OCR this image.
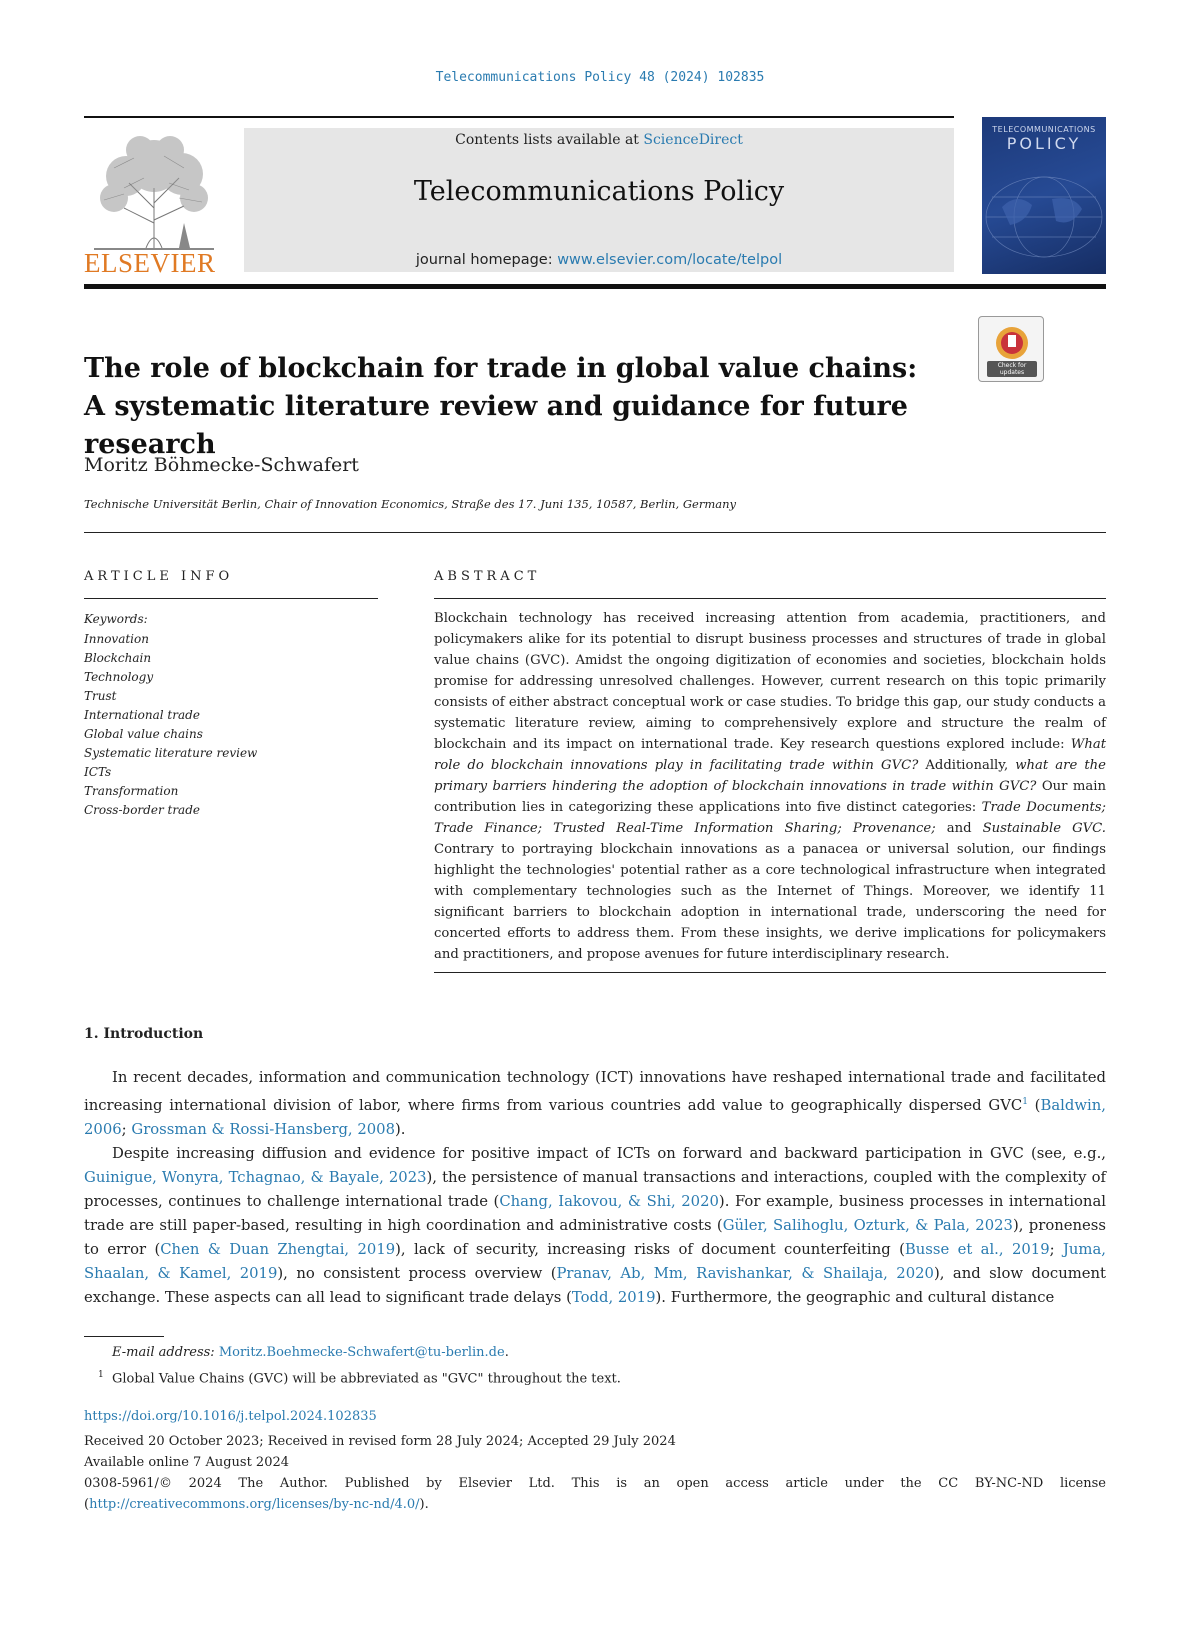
Telecommunications Policy 48 (2024) 102835
ELSEVIER
Contents lists available at ScienceDirect
Telecommunications Policy
journal homepage: www.elsevier.com/locate/telpol
TELECOMMUNICATIONS
POLICY
Check for updates
The role of blockchain for trade in global value chains: A systematic literature review and guidance for future research
Moritz Böhmecke-Schwafert
Technische Universität Berlin, Chair of Innovation Economics, Straße des 17. Juni 135, 10587, Berlin, Germany
ARTICLE INFO
Keywords:
Innovation
Blockchain
Technology
Trust
International trade
Global value chains
Systematic literature review
ICTs
Transformation
Cross-border trade
ABSTRACT
Blockchain technology has received increasing attention from academia, practitioners, and policymakers alike for its potential to disrupt business processes and structures of trade in global value chains (GVC). Amidst the ongoing digitization of economies and societies, blockchain holds promise for addressing unresolved challenges. However, current research on this topic primarily consists of either abstract conceptual work or case studies. To bridge this gap, our study conducts a systematic literature review, aiming to comprehensively explore and structure the realm of blockchain and its impact on international trade. Key research questions explored include: What role do blockchain innovations play in facilitating trade within GVC? Additionally, what are the primary barriers hindering the adoption of blockchain innovations in trade within GVC? Our main contribution lies in categorizing these applications into five distinct categories: Trade Documents; Trade Finance; Trusted Real-Time Information Sharing; Provenance; and Sustainable GVC. Contrary to portraying blockchain innovations as a panacea or universal solution, our findings highlight the technologies' potential rather as a core technological infrastructure when integrated with complementary technologies such as the Internet of Things. Moreover, we identify 11 significant barriers to blockchain adoption in international trade, underscoring the need for concerted efforts to address them. From these insights, we derive implications for policymakers and practitioners, and propose avenues for future interdisciplinary research.
1. Introduction

In recent decades, information and communication technology (ICT) innovations have reshaped international trade and facilitated increasing international division of labor, where firms from various countries add value to geographically dispersed GVC$^1$ (Baldwin, 2006; Grossman & Rossi-Hansberg, 2008).

Despite increasing diffusion and evidence for positive impact of ICTs on forward and backward participation in GVC (see, e.g., Guinigue, Wonyra, Tchagnao, & Bayale, 2023), the persistence of manual transactions and interactions, coupled with the complexity of processes, continues to challenge international trade (Chang, Iakovou, & Shi, 2020). For example, business processes in international trade are still paper-based, resulting in high coordination and administrative costs (Güler, Salihoglu, Ozturk, & Pala, 2023), proneness to error (Chen & Duan Zhengtai, 2019), lack of security, increasing risks of document counterfeiting (Busse et al., 2019; Juma, Shaalan, & Kamel, 2019), no consistent process overview (Pranav, Ab, Mm, Ravishankar, & Shailaja, 2020), and slow document exchange. These aspects can all lead to significant trade delays (Todd, 2019). Furthermore, the geographic and cultural distance

E-mail address: Moritz.Boehmecke-Schwafert@tu-berlin.de.
$^1$ Global Value Chains (GVC) will be abbreviated as "GVC" throughout the text.
https://doi.org/10.1016/j.telpol.2024.102835
Received 20 October 2023; Received in revised form 28 July 2024; Accepted 29 July 2024
Available online 7 August 2024
0308-5961/© 2024 The Author. Published by Elsevier Ltd. This is an open access article under the CC BY-NC-ND license
(http://creativecommons.org/licenses/by-nc-nd/4.0/).
